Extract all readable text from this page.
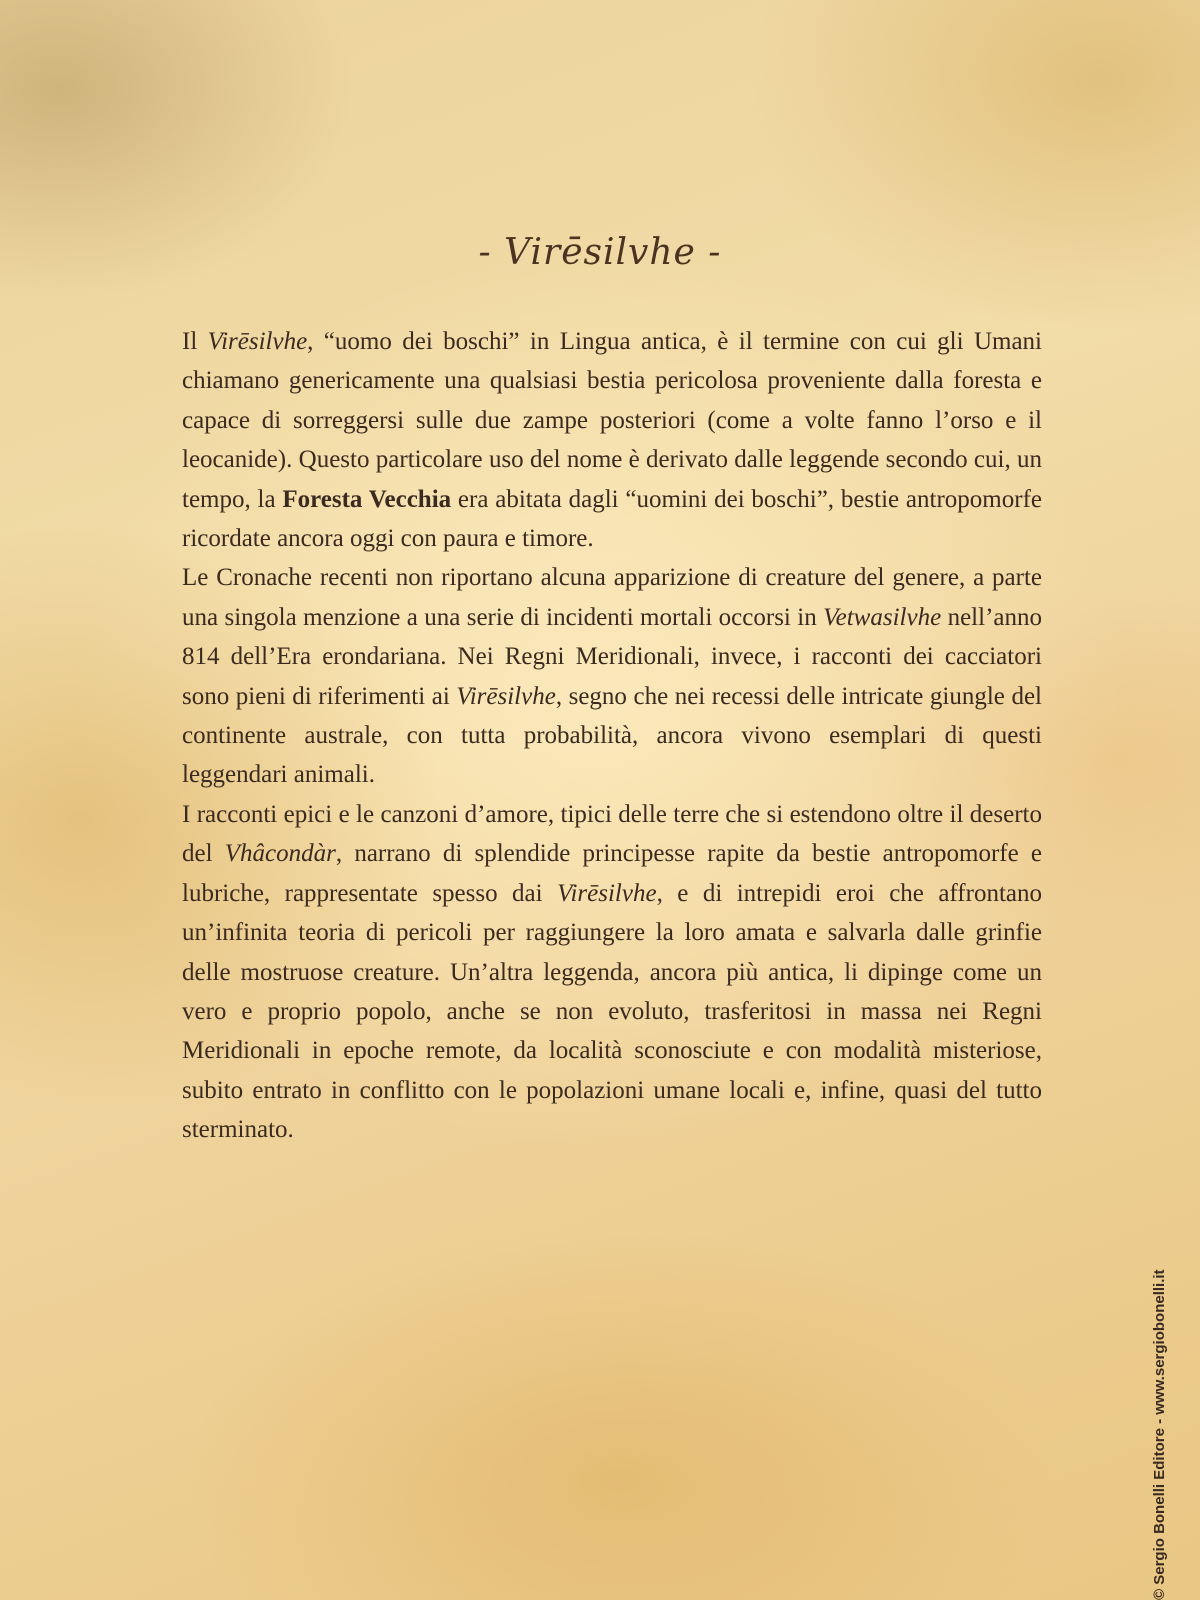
- Virēsilvhe -

Il Virēsilvhe, “uomo dei boschi” in Lingua antica, è il termine con cui gli Umani chiamano genericamente una qualsiasi bestia pericolosa proveniente dalla foresta e capace di sorreggersi sulle due zampe posteriori (come a volte fanno l’orso e il leocanide). Questo particolare uso del nome è derivato dalle leggende secondo cui, un tempo, la Foresta Vecchia era abitata dagli “uomini dei boschi”, bestie antropomorfe ricordate ancora oggi con paura e timore.

Le Cronache recenti non riportano alcuna apparizione di creature del genere, a parte una singola menzione a una serie di incidenti mortali occorsi in Vetwasilvhe nell’anno 814 dell’Era erondariana. Nei Regni Meridionali, invece, i racconti dei cacciatori sono pieni di riferimenti ai Virēsilvhe, segno che nei recessi delle intricate giungle del continente australe, con tutta probabilità, ancora vivono esemplari di questi leggendari animali.

I racconti epici e le canzoni d’amore, tipici delle terre che si estendono oltre il deserto del Vhâcondàr, narrano di splendide principesse rapite da bestie antropomorfe e lubriche, rappresentate spesso dai Virēsilvhe, e di intrepidi eroi che affrontano un’infinita teoria di pericoli per raggiungere la loro amata e salvarla dalle grinfie delle mostruose creature. Un’altra leggenda, ancora più antica, li dipinge come un vero e proprio popolo, anche se non evoluto, trasferitosi in massa nei Regni Meridionali in epoche remote, da località sconosciute e con modalità misteriose, subito entrato in conflitto con le popolazioni umane locali e, infine, quasi del tutto sterminato.

© Sergio Bonelli Editore - www.sergiobonelli.it
